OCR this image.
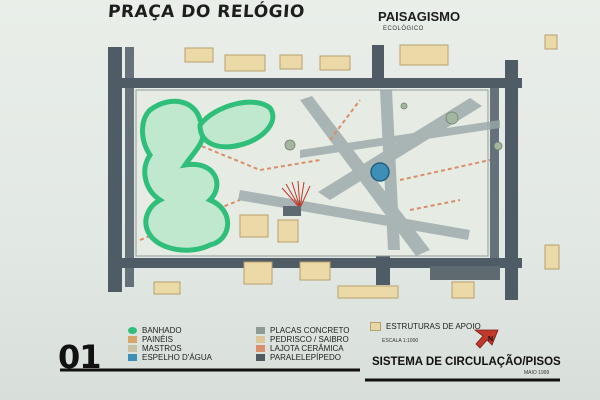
N
PRAÇA DO RELÓGIO	PAISAGISMO
ECOLÓGICO
BANHADO
PAINÉIS
MASTROS
ESPELHO D'ÁGUA
PLACAS CONCRETO
PEDRISCO / SAIBRO
LAJOTA CERÂMICA
PARALELEPÍPEDO
ESTRUTURAS DE APOIO
ESCALA 1:1000
01	SISTEMA DE CIRCULAÇÃO/PISOS
MAIO 1999
